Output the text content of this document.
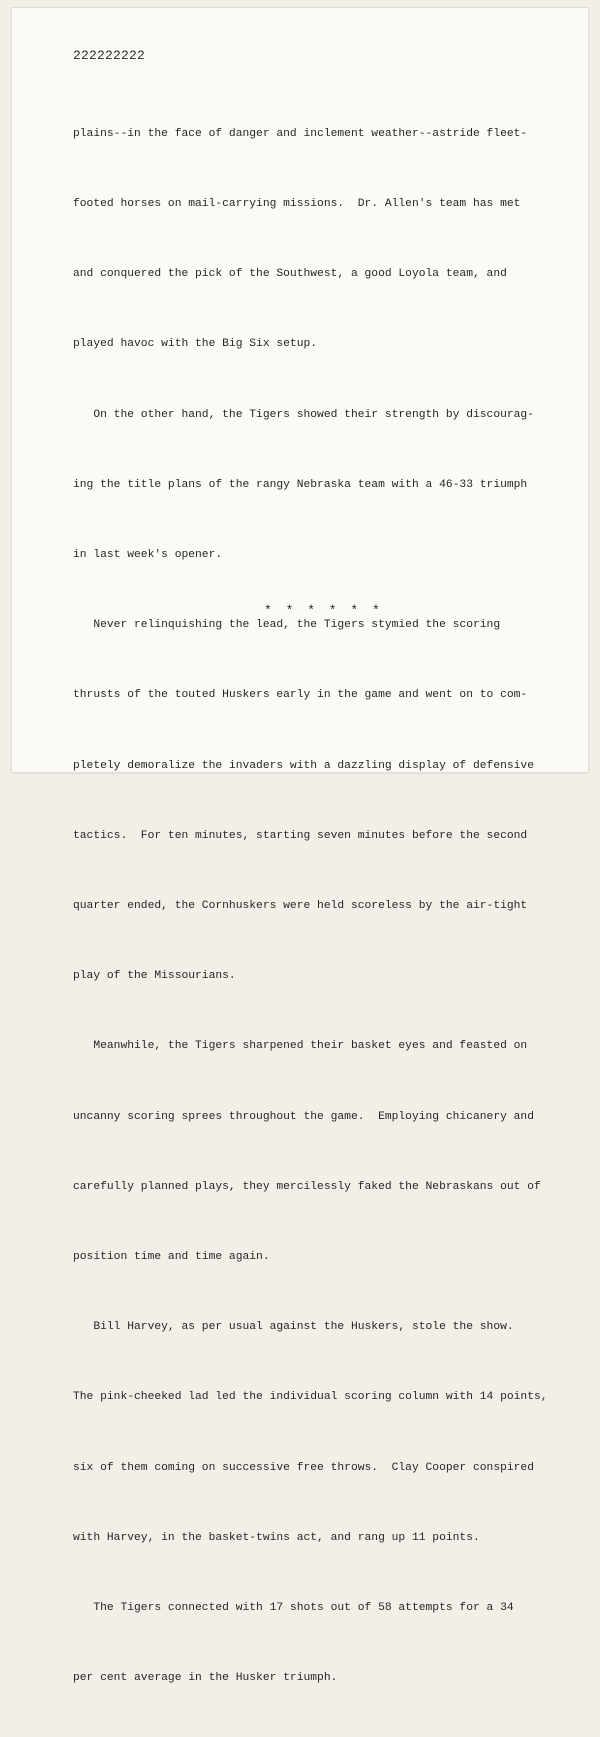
222222222

plains--in the face of danger and inclement weather--astride fleet-

footed horses on mail-carrying missions.  Dr. Allen's team has met

and conquered the pick of the Southwest, a good Loyola team, and

played havoc with the Big Six setup.

On the other hand, the Tigers showed their strength by discourag-

ing the title plans of the rangy Nebraska team with a 46-33 triumph

in last week's opener.

Never relinquishing the lead, the Tigers stymied the scoring

thrusts of the touted Huskers early in the game and went on to com-

pletely demoralize the invaders with a dazzling display of defensive

tactics.  For ten minutes, starting seven minutes before the second

quarter ended, the Cornhuskers were held scoreless by the air-tight

play of the Missourians.

Meanwhile, the Tigers sharpened their basket eyes and feasted on

uncanny scoring sprees throughout the game.  Employing chicanery and

carefully planned plays, they mercilessly faked the Nebraskans out of

position time and time again.

Bill Harvey, as per usual against the Huskers, stole the show.

The pink-cheeked lad led the individual scoring column with 14 points,

six of them coming on successive free throws.  Clay Cooper conspired

with Harvey, in the basket-twins act, and rang up 11 points.

The Tigers connected with 17 shots out of 58 attempts for a 34

per cent average in the Husker triumph.

* * * * * *
